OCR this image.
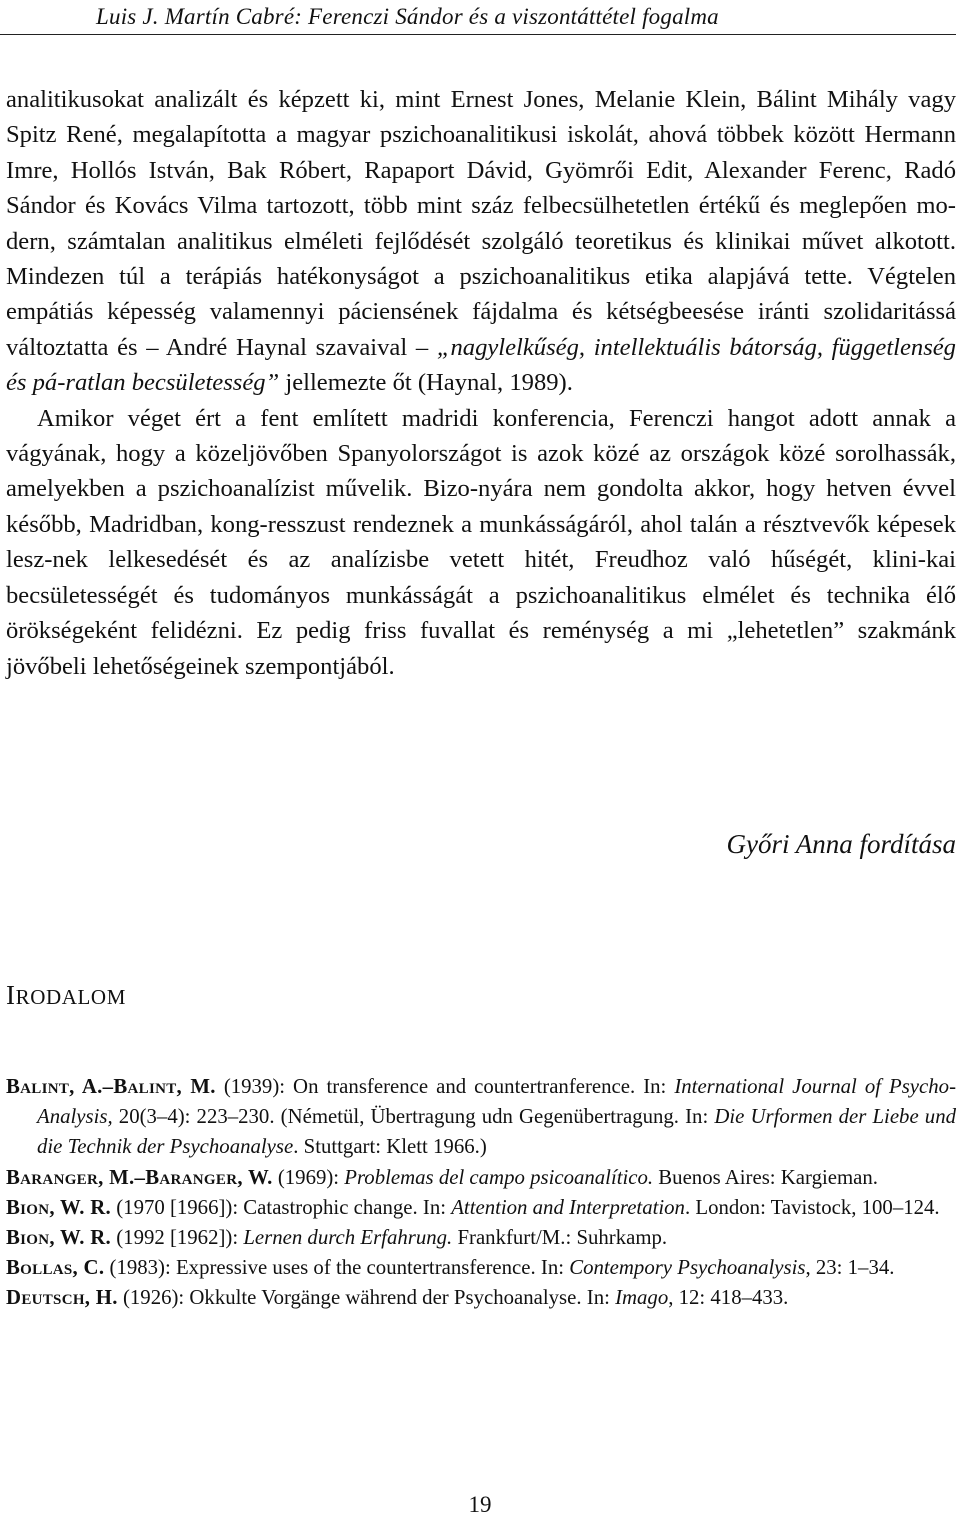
Luis J. Martín Cabré: Ferenczi Sándor és a viszontáttétel fogalma

analitikusokat analizált és képzett ki, mint Ernest Jones, Melanie Klein, Bálint Mihály vagy Spitz René, megalapította a magyar pszichoanalitikusi iskolát, ahová többek között Hermann Imre, Hollós István, Bak Róbert, Rapaport Dávid, Gyömrői Edit, Alexander Ferenc, Radó Sándor és Kovács Vilma tartozott, több mint száz felbecsülhetetlen értékű és meglepően mo-dern, számtalan analitikus elméleti fejlődését szolgáló teoretikus és klinikai művet alkotott. Mindezen túl a terápiás hatékonyságot a pszichoanalitikus etika alapjává tette. Végtelen empátiás képesség valamennyi páciensének fájdalma és kétségbeesése iránti szolidaritássá változtatta és – André Haynal szavaival – „nagylelkűség, intellektuális bátorság, függetlenség és pá-ratlan becsületesség” jellemezte őt (Haynal, 1989).

Amikor véget ért a fent említett madridi konferencia, Ferenczi hangot adott annak a vágyának, hogy a közeljövőben Spanyolországot is azok közé az országok közé sorolhassák, amelyekben a pszichoanalízist művelik. Bizo-nyára nem gondolta akkor, hogy hetven évvel később, Madridban, kong-resszust rendeznek a munkásságáról, ahol talán a résztvevők képesek lesz-nek lelkesedését és az analízisbe vetett hitét, Freudhoz való hűségét, klini-kai becsületességét és tudományos munkásságát a pszichoanalitikus elmélet és technika élő örökségeként felidézni. Ez pedig friss fuvallat és reménység a mi „lehetetlen” szakmánk jövőbeli lehetőségeinek szempontjából.

Győri Anna fordítása
IRODALOM

Balint, A.–Balint, M. (1939): On transference and countertranference. In: International Journal of Psycho-Analysis, 20(3–4): 223–230. (Németül, Übertragung udn Gegenübertragung. In: Die Urformen der Liebe und die Technik der Psychoanalyse. Stuttgart: Klett 1966.)

Baranger, M.–Baranger, W. (1969): Problemas del campo psicoanalítico. Buenos Aires: Kargieman.

Bion, W. R. (1970 [1966]): Catastrophic change. In: Attention and Interpretation. London: Tavistock, 100–124.

Bion, W. R. (1992 [1962]): Lernen durch Erfahrung. Frankfurt/M.: Suhrkamp.

Bollas, C. (1983): Expressive uses of the countertransference. In: Contempory Psychoanalysis, 23: 1–34.

Deutsch, H. (1926): Okkulte Vorgänge während der Psychoanalyse. In: Imago, 12: 418–433.

19
